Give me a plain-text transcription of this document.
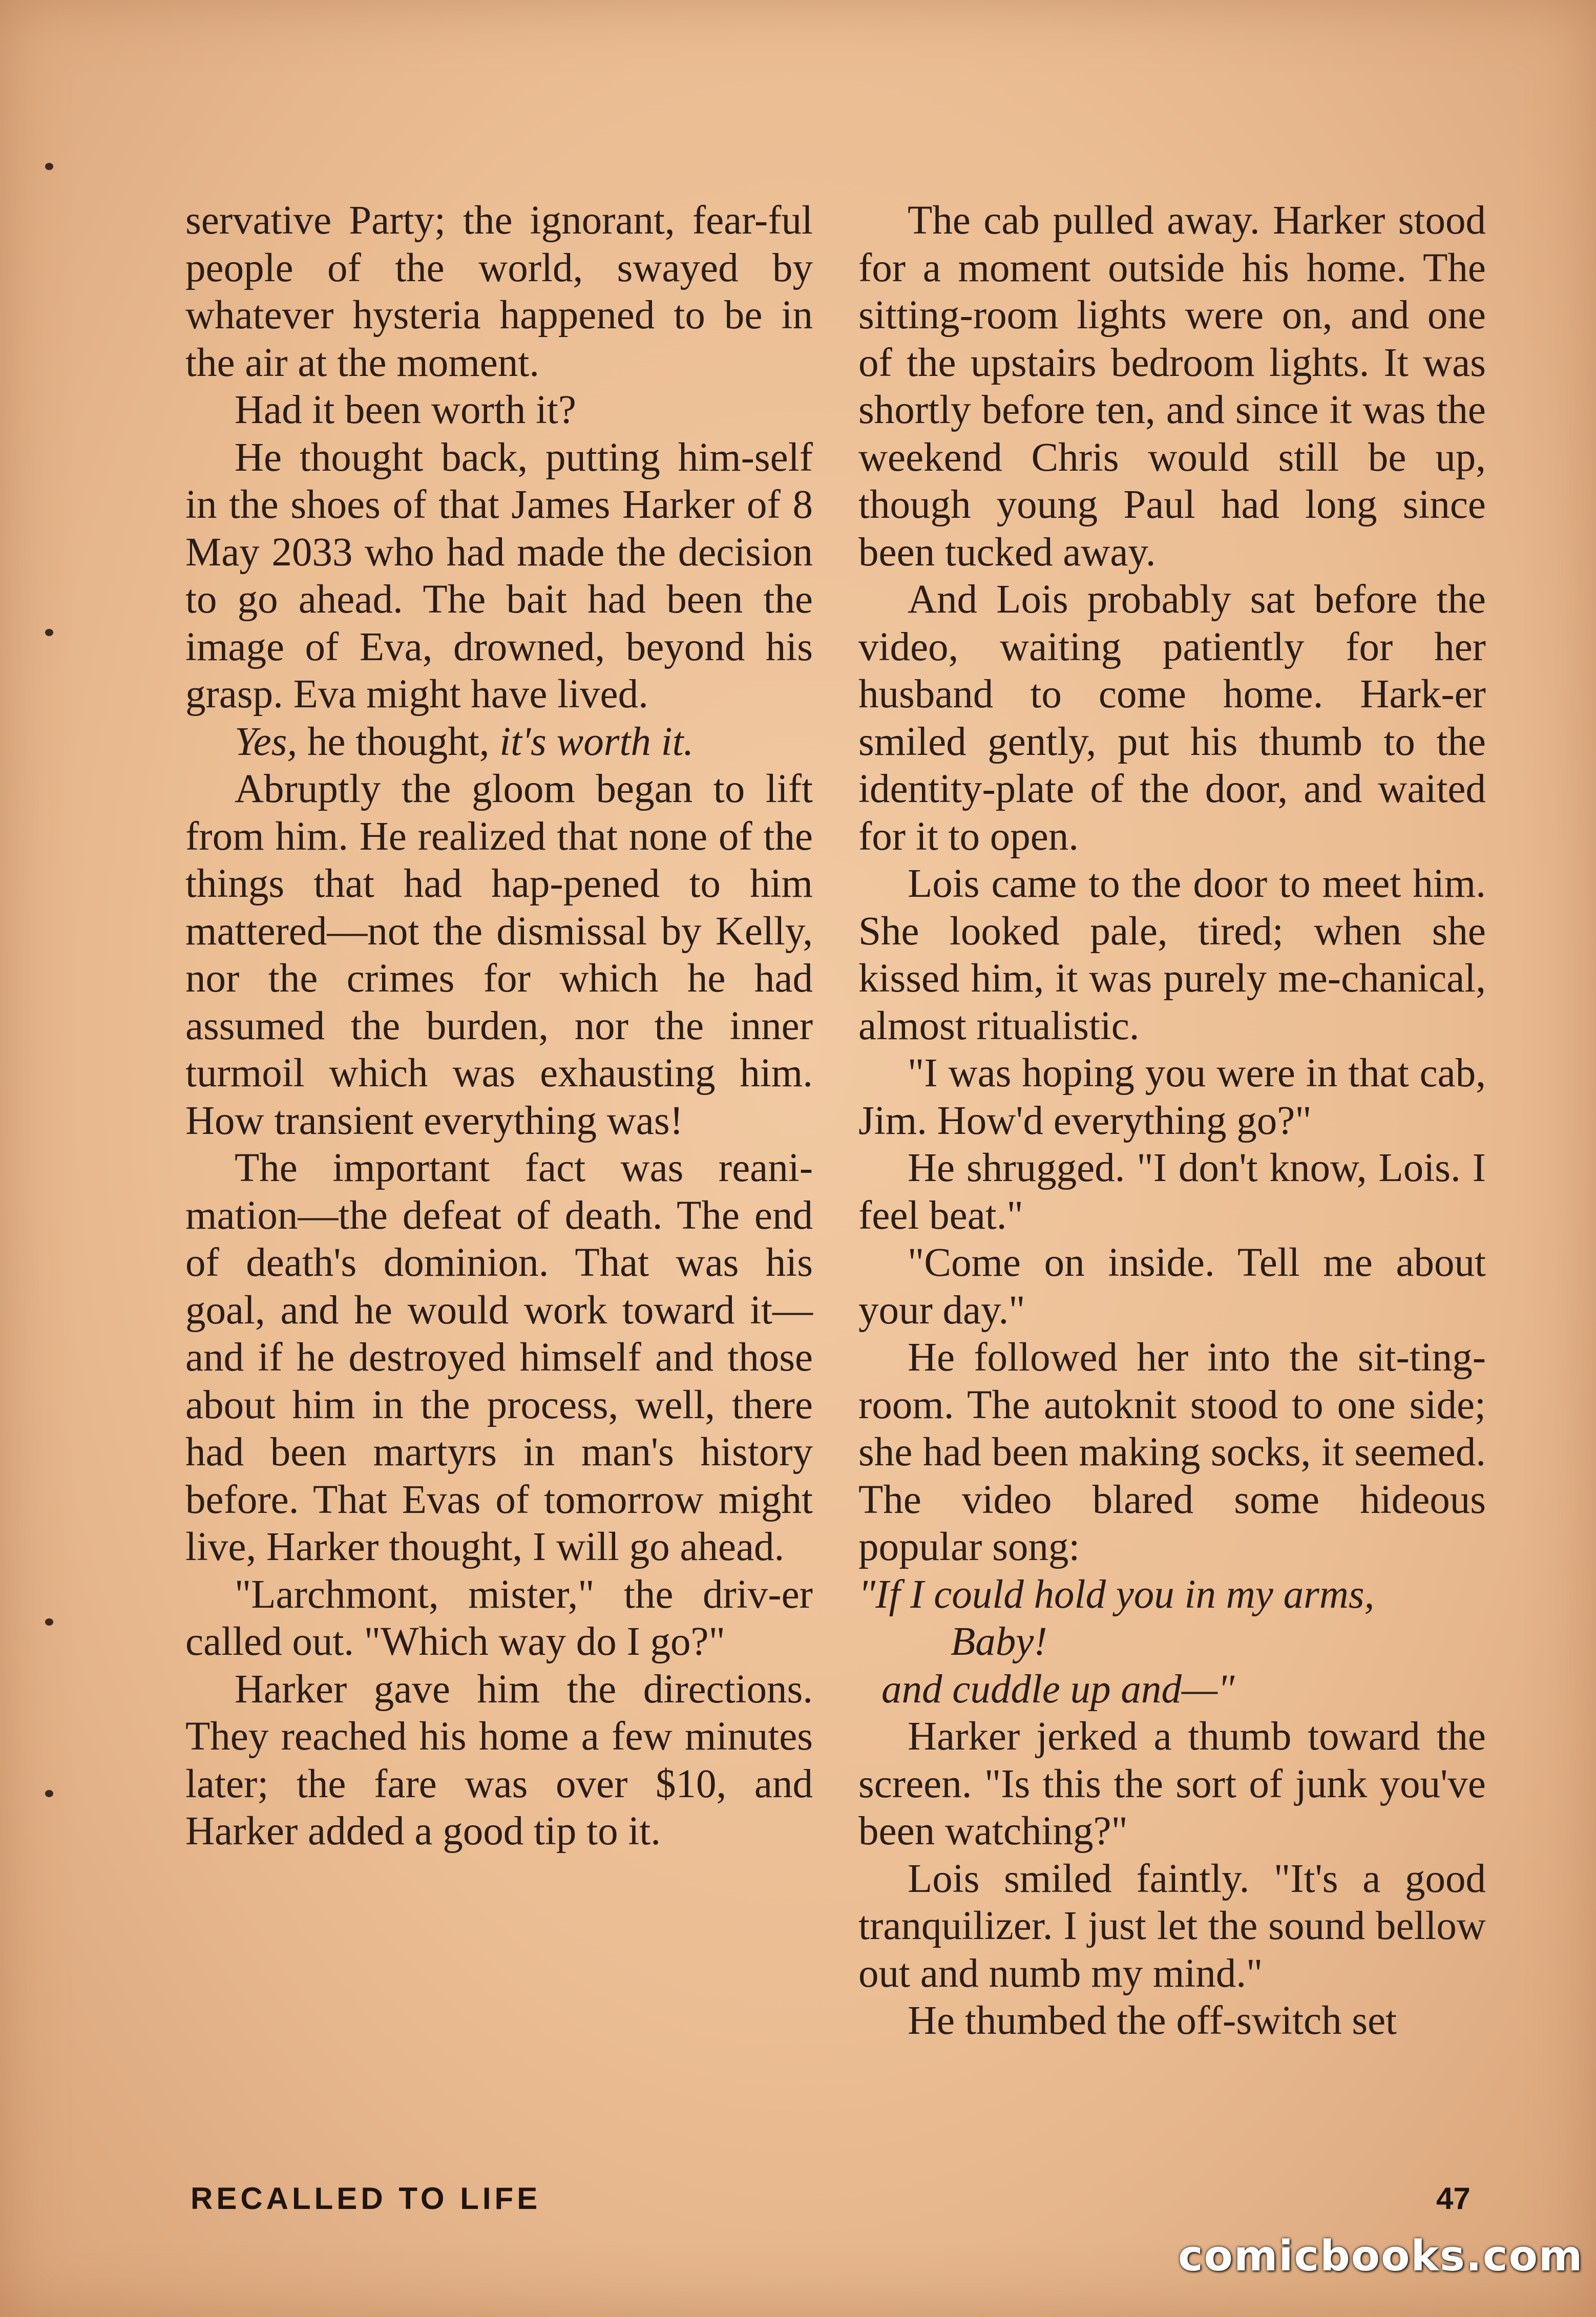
servative Party; the ignorant, fear-ful people of the world, swayed by whatever hysteria happened to be in the air at the moment.

Had it been worth it?

He thought back, putting him-self in the shoes of that James Harker of 8 May 2033 who had made the decision to go ahead. The bait had been the image of Eva, drowned, beyond his grasp. Eva might have lived.

Yes, he thought, it's worth it.

Abruptly the gloom began to lift from him. He realized that none of the things that had hap-pened to him mattered—not the dismissal by Kelly, nor the crimes for which he had assumed the burden, nor the inner turmoil which was exhausting him. How transient everything was!

The important fact was reani-mation—the defeat of death. The end of death's dominion. That was his goal, and he would work toward it—and if he destroyed himself and those about him in the process, well, there had been martyrs in man's history before. That Evas of tomorrow might live, Harker thought, I will go ahead.

"Larchmont, mister," the driv-er called out. "Which way do I go?"

Harker gave him the directions. They reached his home a few minutes later; the fare was over $10, and Harker added a good tip to it.

The cab pulled away. Harker stood for a moment outside his home. The sitting-room lights were on, and one of the upstairs bedroom lights. It was shortly before ten, and since it was the weekend Chris would still be up, though young Paul had long since been tucked away.

And Lois probably sat before the video, waiting patiently for her husband to come home. Hark-er smiled gently, put his thumb to the identity-plate of the door, and waited for it to open.

Lois came to the door to meet him. She looked pale, tired; when she kissed him, it was purely me-chanical, almost ritualistic.

"I was hoping you were in that cab, Jim. How'd everything go?"

He shrugged. "I don't know, Lois. I feel beat."

"Come on inside. Tell me about your day."

He followed her into the sit-ting-room. The autoknit stood to one side; she had been making socks, it seemed. The video blared some hideous popular song:

"If I could hold you in my arms,
Baby!
and cuddle up and—"

Harker jerked a thumb toward the screen. "Is this the sort of junk you've been watching?"

Lois smiled faintly. "It's a good tranquilizer. I just let the sound bellow out and numb my mind."

He thumbed the off-switch set

RECALLED TO LIFE	47
comicbooks.com
